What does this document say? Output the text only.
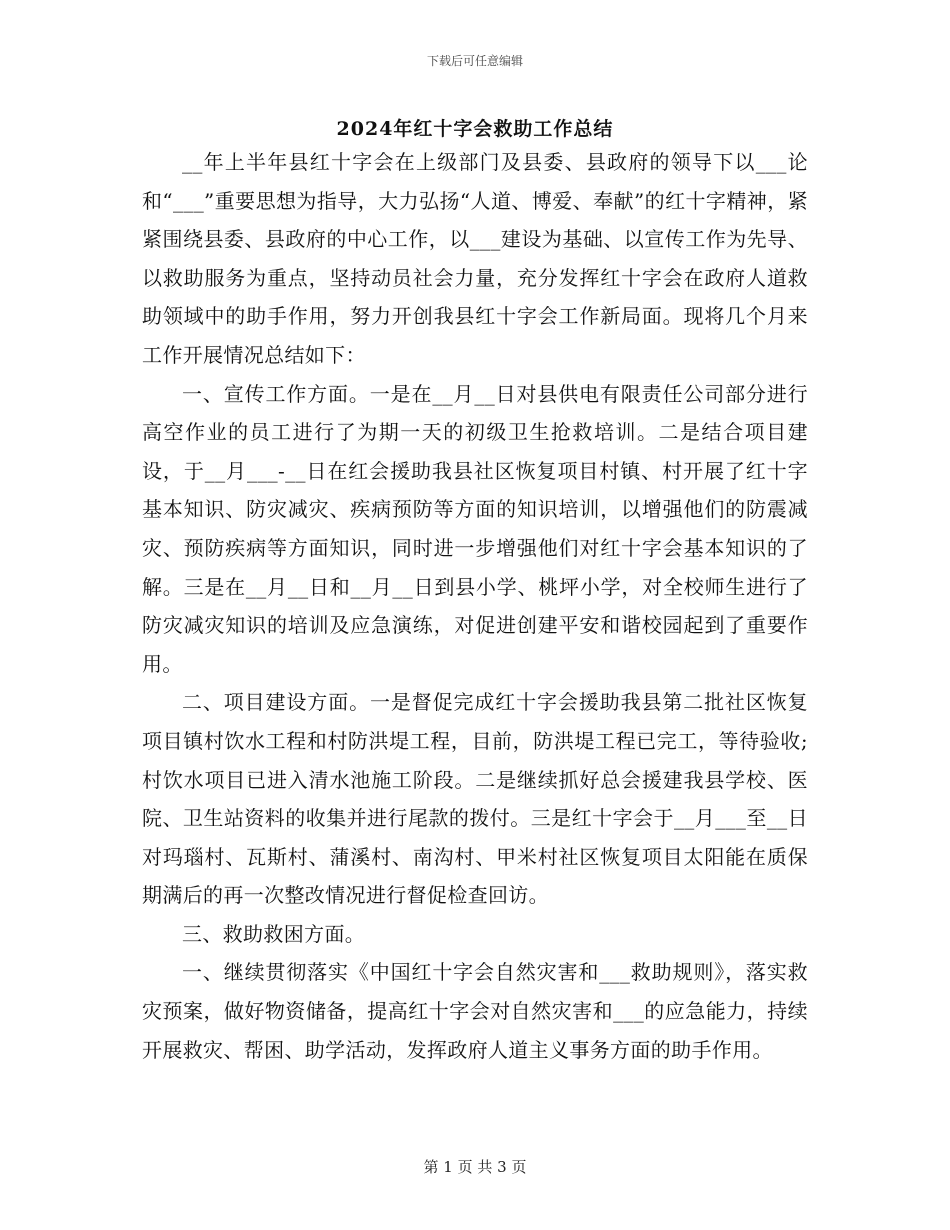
下载后可任意编辑
2024年红十字会救助工作总结

__年上半年县红十字会在上级部门及县委、县政府的领导下以___论和“___”重要思想为指导，大力弘扬“人道、博爱、奉献”的红十字精神，紧紧围绕县委、县政府的中心工作，以___建设为基础、以宣传工作为先导、以救助服务为重点，坚持动员社会力量，充分发挥红十字会在政府人道救助领域中的助手作用，努力开创我县红十字会工作新局面。现将几个月来工作开展情况总结如下：

一、宣传工作方面。一是在__月__日对县供电有限责任公司部分进行高空作业的员工进行了为期一天的初级卫生抢救培训。二是结合项目建设，于__月___-__日在红会援助我县社区恢复项目村镇、村开展了红十字基本知识、防灾减灾、疾病预防等方面的知识培训，以增强他们的防震减灾、预防疾病等方面知识，同时进一步增强他们对红十字会基本知识的了解。三是在__月__日和__月__日到县小学、桃坪小学，对全校师生进行了防灾减灾知识的培训及应急演练，对促进创建平安和谐校园起到了重要作用。

二、项目建设方面。一是督促完成红十字会援助我县第二批社区恢复项目镇村饮水工程和村防洪堤工程，目前，防洪堤工程已完工，等待验收;村饮水项目已进入清水池施工阶段。二是继续抓好总会援建我县学校、医院、卫生站资料的收集并进行尾款的拨付。三是红十字会于__月___至__日对玛瑙村、瓦斯村、蒲溪村、南沟村、甲米村社区恢复项目太阳能在质保期满后的再一次整改情况进行督促检查回访。

三、救助救困方面。

一、继续贯彻落实《中国红十字会自然灾害和___救助规则》，落实救灾预案，做好物资储备，提高红十字会对自然灾害和___的应急能力，持续开展救灾、帮困、助学活动，发挥政府人道主义事务方面的助手作用。

第 1 页 共 3 页
